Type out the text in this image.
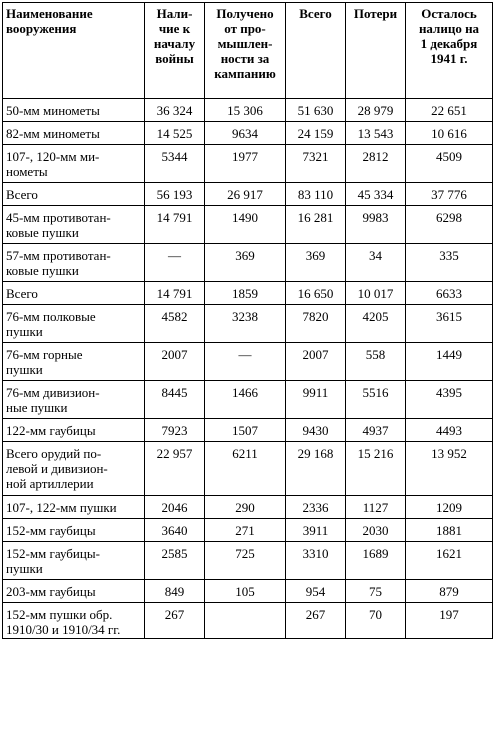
Наименование вооружения	Нали-
чие к
началу
войны	Получено
от про-
мышлен-
ности за
кампанию	Всего	Потери	Осталось
налицо на
1 декабря
1941 г.
50-мм минометы	36 324	15 306	51 630	28 979	22 651
82-мм минометы	14 525	9634	24 159	13 543	10 616
107-, 120-мм ми-
нометы	5344	1977	7321	2812	4509
Всего	56 193	26 917	83 110	45 334	37 776
45-мм противотан-
ковые пушки	14 791	1490	16 281	9983	6298
57-мм противотан-
ковые пушки	—	369	369	34	335
Всего	14 791	1859	16 650	10 017	6633
76-мм полковые
пушки	4582	3238	7820	4205	3615
76-мм горные
пушки	2007	—	2007	558	1449
76-мм дивизион-
ные пушки	8445	1466	9911	5516	4395
122-мм гаубицы	7923	1507	9430	4937	4493
Всего орудий по-
левой и дивизион-
ной артиллерии	22 957	6211	29 168	15 216	13 952
107-, 122-мм пушки	2046	290	2336	1127	1209
152-мм гаубицы	3640	271	3911	2030	1881
152-мм гаубицы-
пушки	2585	725	3310	1689	1621
203-мм гаубицы	849	105	954	75	879
152-мм пушки обр.
1910/30 и 1910/34 гг.	267		267	70	197
